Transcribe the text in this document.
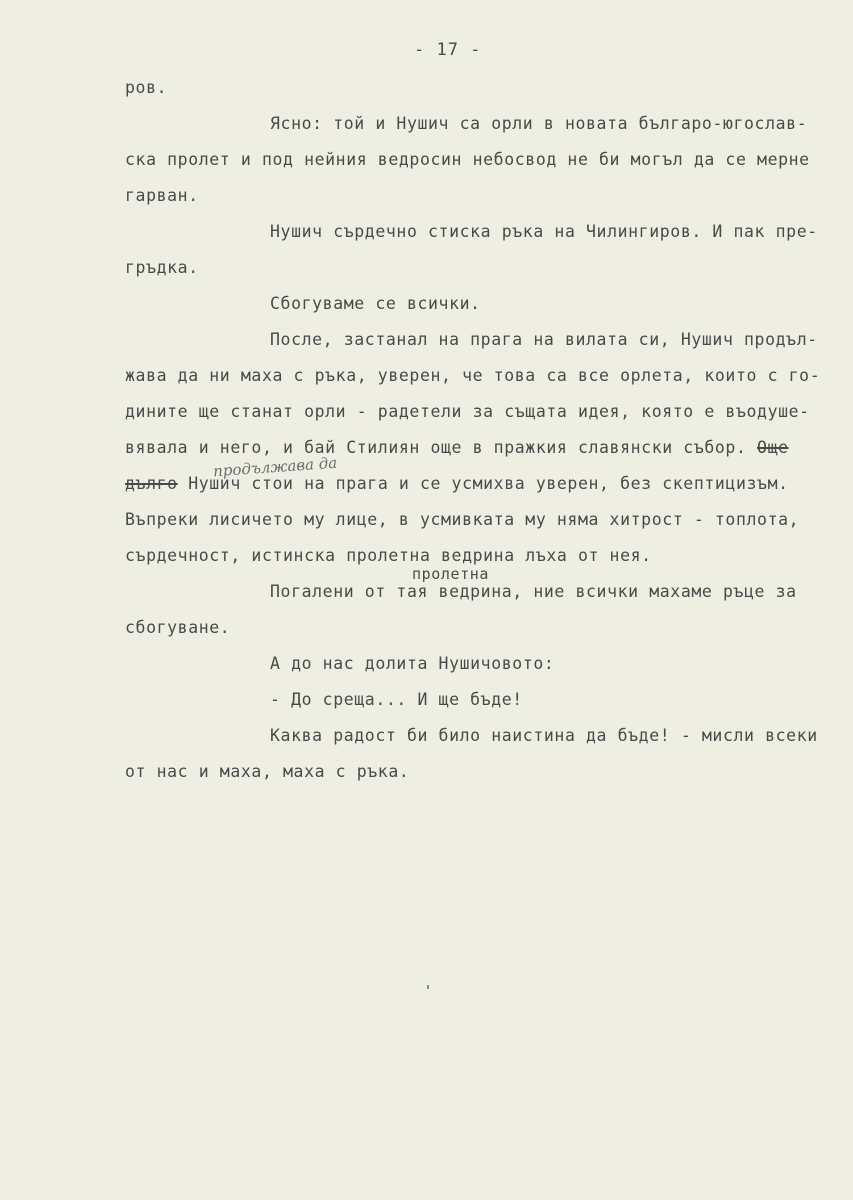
- 17 -
ров.
Ясно: той и Нушич са орли в новата българо-югослав-
ска пролет и под нейния ведросин небосвод не би могъл да се мерне
гарван.
Нушич сърдечно стиска ръка на Чилингиров. И пак пре-
гръдка.
Сбогуваме се всички.
После, застанал на прага на вилата си, Нушич продъл-
жава да ни маха с ръка, уверен, че това са все орлета, които с го-
дините ще станат орли - радетели за същата идея, която е въодуше-
вявала и него, и бай Стилиян още в пражкия славянски събор. Още
продължава да
дълго Нушич стои на прага и се усмихва уверен, без скептицизъм.
Въпреки лисичето му лице, в усмивката му няма хитрост - топлота,
сърдечност, истинска пролетна ведрина лъха от нея.
пролетна
Погалени от тая ведрина, ние всички махаме ръце за
сбогуване.
А до нас долита Нушичовото:
- До среща... И ще бъде!
Каква радост би било наистина да бъде! - мисли всеки
от нас и маха, маха с ръка.
